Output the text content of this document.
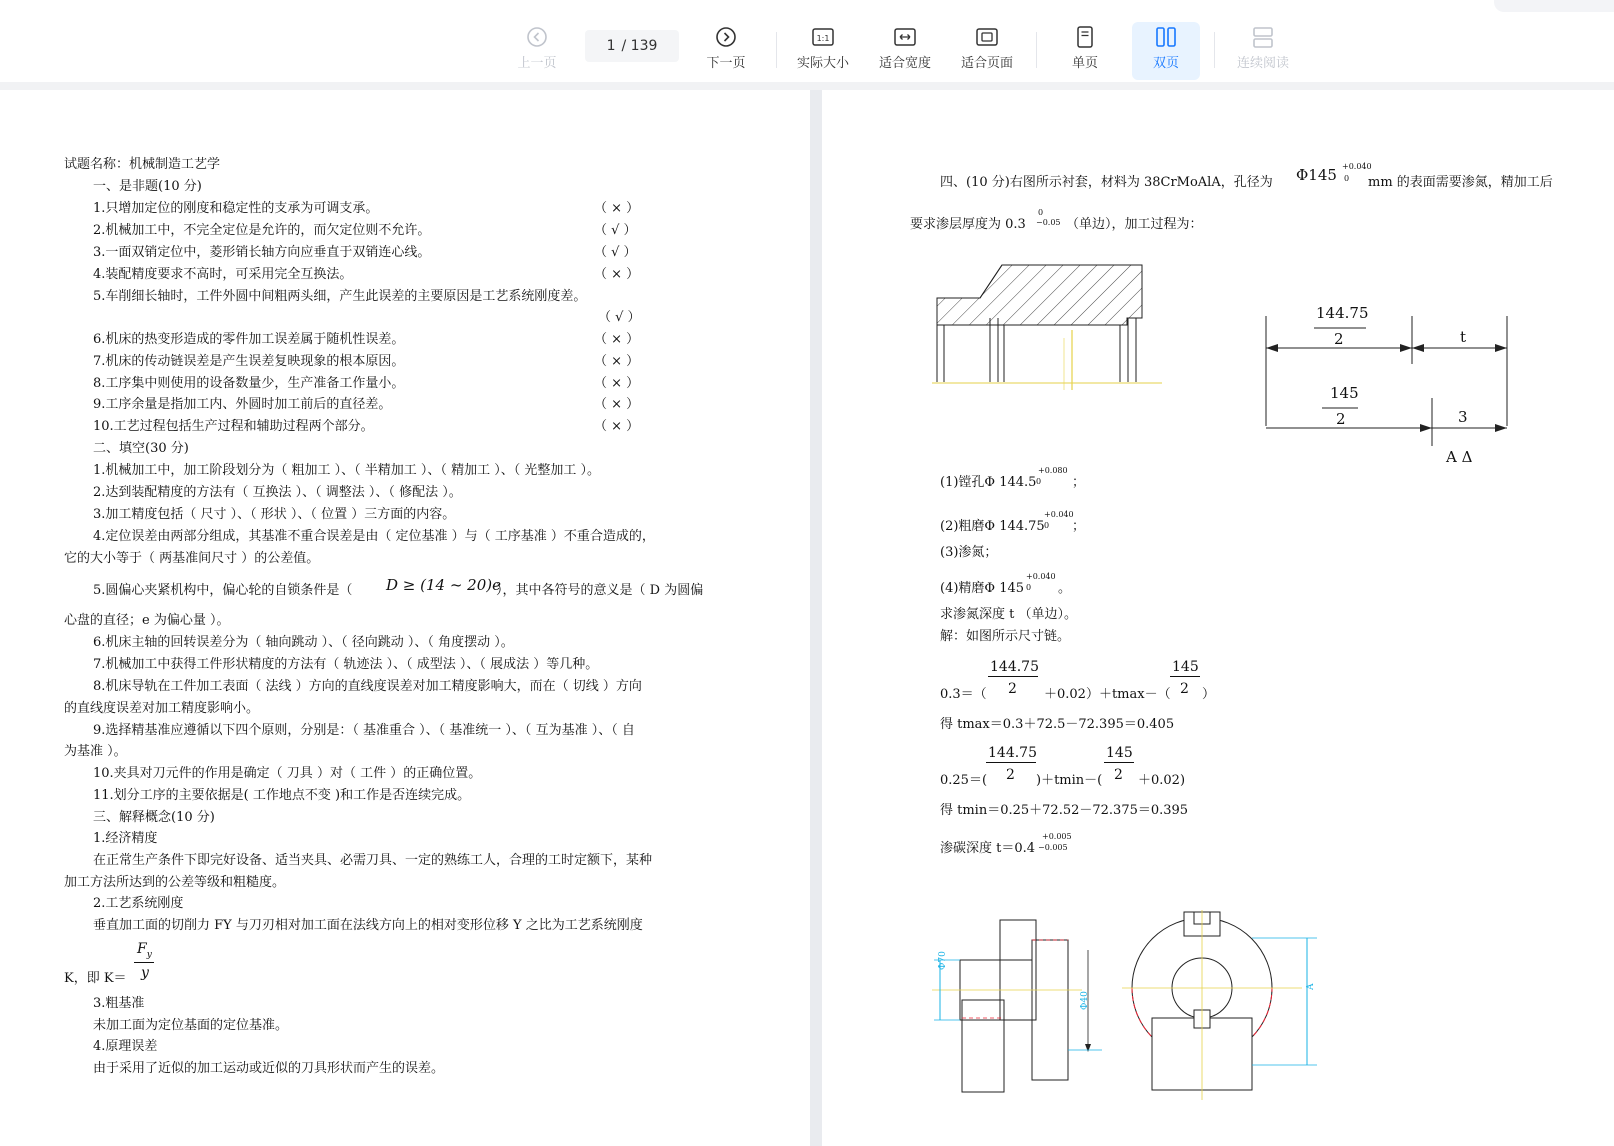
上一页
1 / 139
下一页
1:1
实际大小 适合宽度 适合页面	单页	双页	连续阅读
试题名称：机械制造工艺学
一、是非题(10 分)
1.只增加定位的刚度和稳定性的支承为可调支承。	（ × ）
2.机械加工中，不完全定位是允许的，而欠定位则不允许。	（ √ ）
3.一面双销定位中，菱形销长轴方向应垂直于双销连心线。	（ √ ）
4.装配精度要求不高时，可采用完全互换法。	（ × ）
5.车削细长轴时，工件外圆中间粗两头细，产生此误差的主要原因是工艺系统刚度差。
（ √ ）
6.机床的热变形造成的零件加工误差属于随机性误差。	（ × ）
7.机床的传动链误差是产生误差复映现象的根本原因。	（ × ）
8.工序集中则使用的设备数量少，生产准备工作量小。	（ × ）
9.工序余量是指加工内、外圆时加工前后的直径差。	（ × ）
10.工艺过程包括生产过程和辅助过程两个部分。	（ × ）
二、填空(30 分)
1.机械加工中，加工阶段划分为（ 粗加工 ）、（ 半精加工 ）、（ 精加工 ）、（ 光整加工 ）。
2.达到装配精度的方法有（ 互换法 ）、（ 调整法 ）、（ 修配法 ）。
3.加工精度包括（ 尺寸 ）、（ 形状 ）、（ 位置 ）三方面的内容。
4.定位误差由两部分组成，其基准不重合误差是由（ 定位基准 ）与（ 工序基准 ）不重合造成的，
它的大小等于（ 两基准间尺寸 ）的公差值。
5.圆偏心夹紧机构中，偏心轮的自锁条件是（ D ≥ (14 ~ 20)e
），其中各符号的意义是（ D 为圆偏
心盘的直径；e 为偏心量 ）。
6.机床主轴的回转误差分为（ 轴向跳动 ）、（ 径向跳动 ）、（ 角度摆动 ）。
7.机械加工中获得工件形状精度的方法有（ 轨迹法 ）、（ 成型法 ）、（ 展成法 ）等几种。
8.机床导轨在工件加工表面（ 法线 ）方向的直线度误差对加工精度影响大，而在（ 切线 ）方向
的直线度误差对加工精度影响小。
9.选择精基准应遵循以下四个原则，分别是：（ 基准重合 ）、（ 基准统一 ）、（ 互为基准 ）、（ 自
为基准 ）。
10.夹具对刀元件的作用是确定（ 刀具 ）对（ 工件 ）的正确位置。
11.划分工序的主要依据是( 工作地点不变 )和工作是否连续完成。
三、解释概念(10 分)
1.经济精度
在正常生产条件下即完好设备、适当夹具、必需刀具、一定的熟练工人，合理的工时定额下，某种
加工方法所达到的公差等级和粗糙度。
2.工艺系统刚度
垂直加工面的切削力 FY 与刀刃相对加工面在法线方向上的相对变形位移 Y 之比为工艺系统刚度
$F_y$
y
K，即 K＝
3.粗基准
未加工面为定位基面的定位基准。
4.原理误差
由于采用了近似的加工运动或近似的刀具形状而产生的误差。
四、(10 分)右图所示衬套，材料为 38CrMoAlA，孔径为 Φ145 +0.040
0 mm 的表面需要渗氮，精加工后
要求渗层厚度为 0.3
0
−0.05 （单边），加工过程为：
144.75
2	t
145
2	3
A Δ
(1)镗孔Φ 144.5
+0.080
0 ；
(2)粗磨Φ 144.75
+0.040
0 ；
(3)渗氮；
(4)精磨Φ 145
+0.040
0 。
求渗氮深度 t （单边）。
解：如图所示尺寸链。
0.3＝（
144.75
2 ＋0.02）＋tmax－（
145
2 ）
得 tmax＝0.3＋72.5－72.395＝0.405
0.25＝(
144.75
2 )＋tmin－(
145
2 ＋0.02)
得 tmin＝0.25＋72.52－72.375＝0.395
渗碳深度 t＝0.4
+0.005
−0.005
Φ70
Φ40
A
